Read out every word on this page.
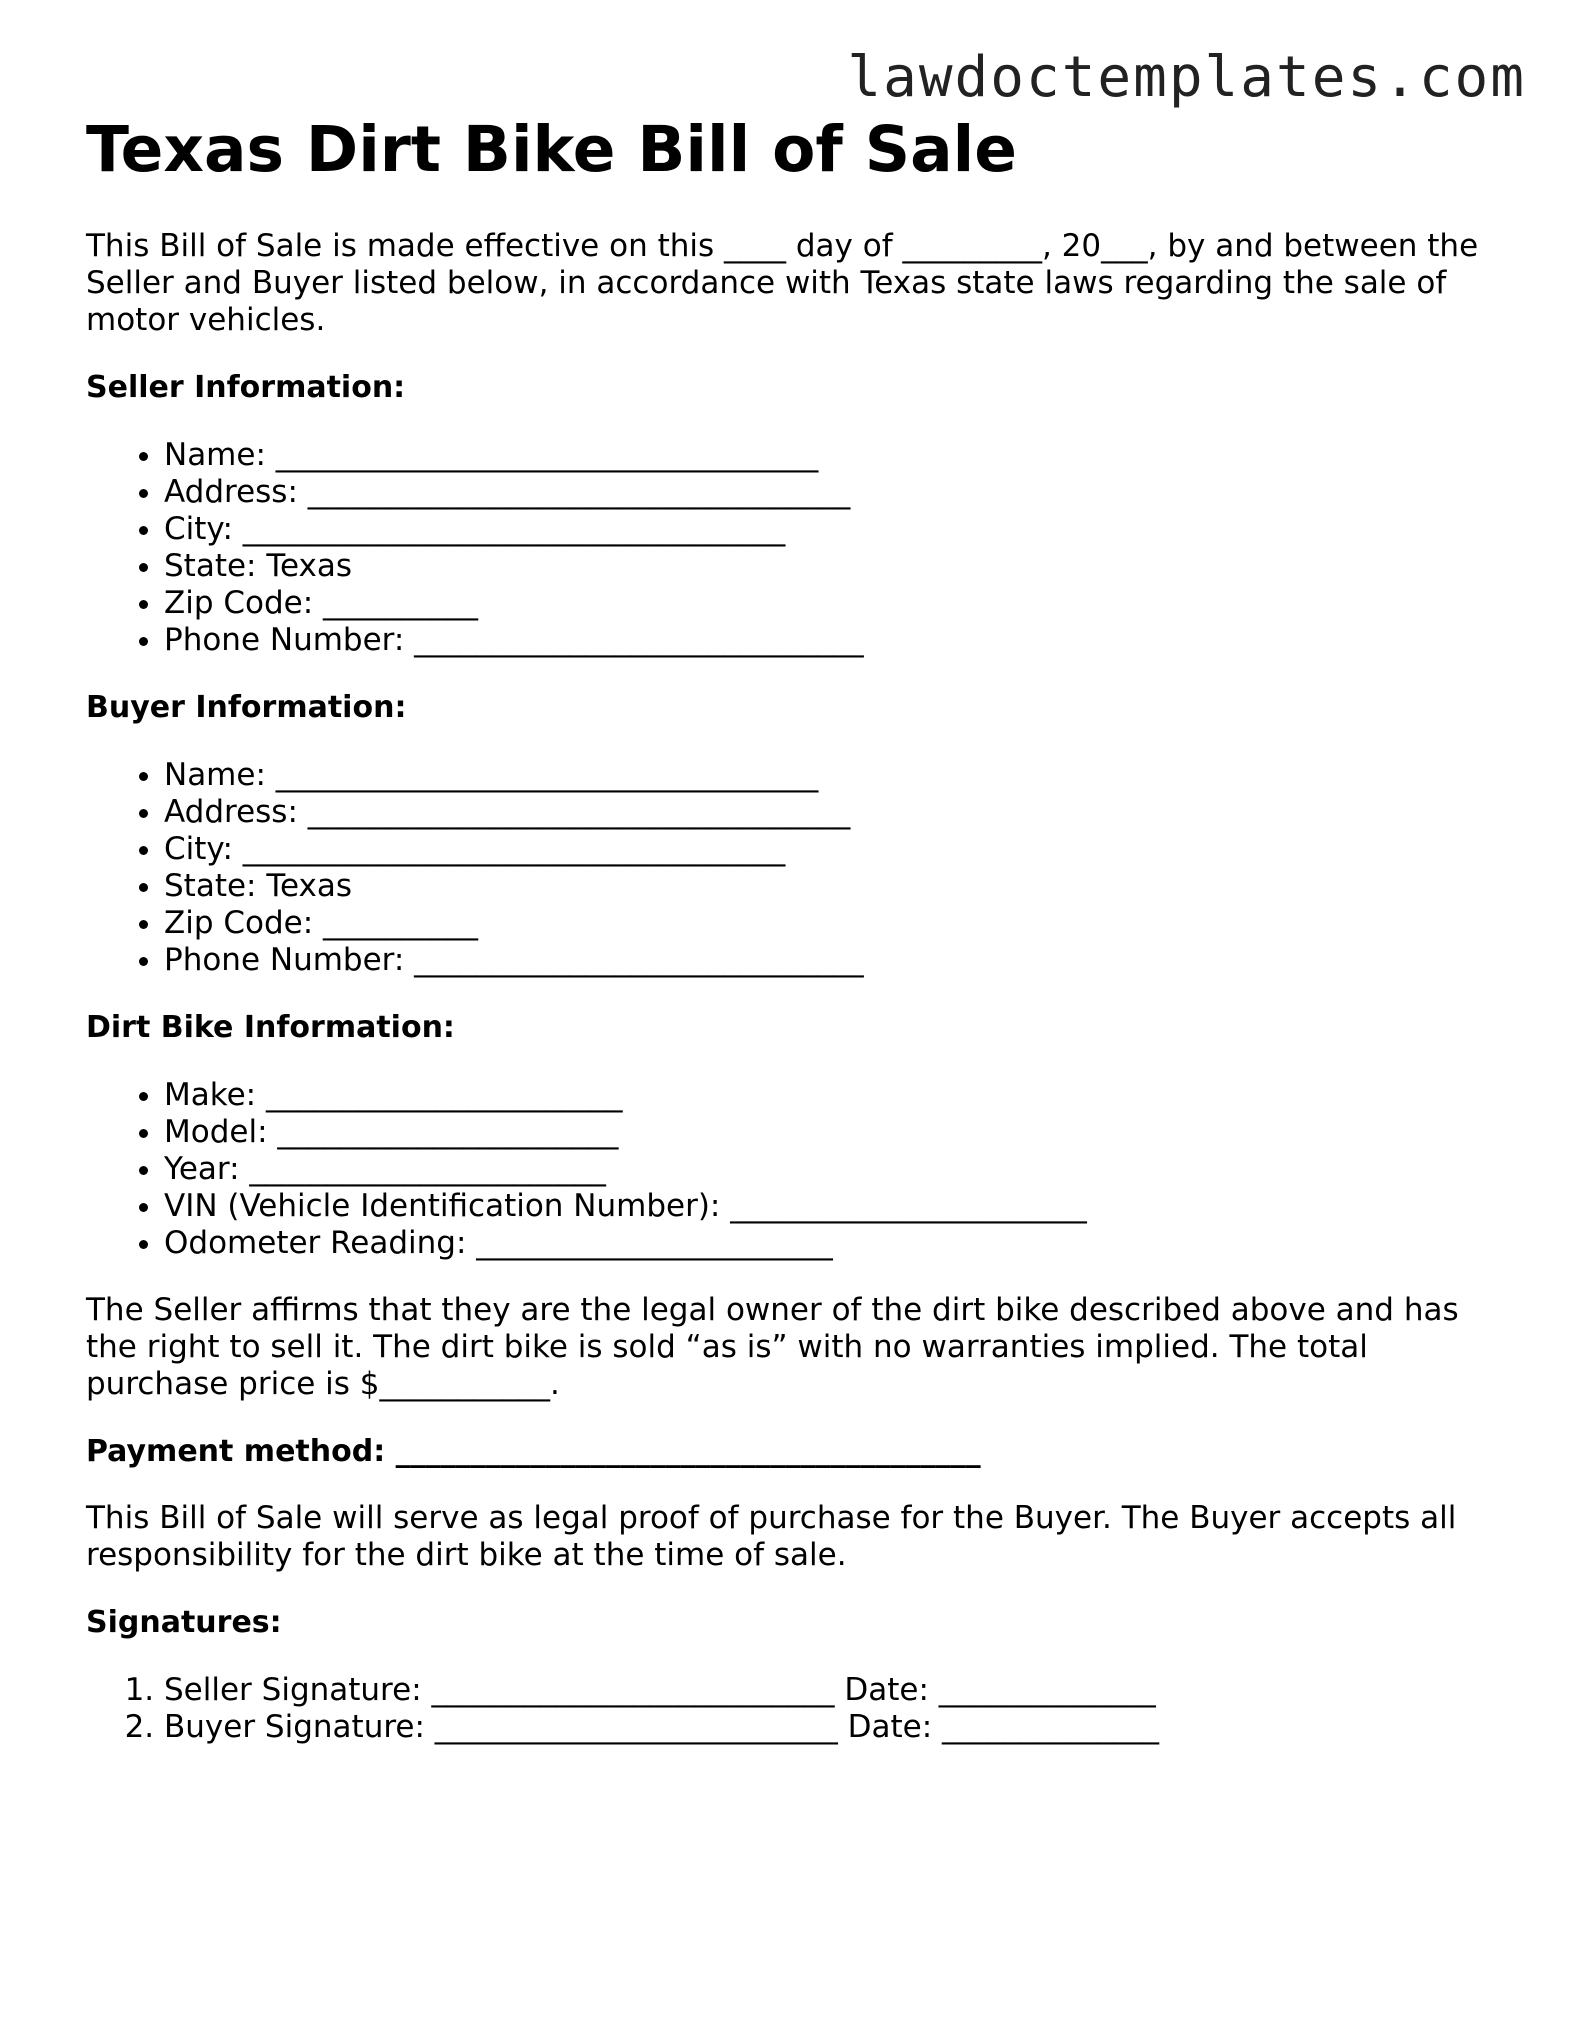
lawdoctemplates.com
Texas Dirt Bike Bill of Sale

This Bill of Sale is made effective on this ____ day of _________, 20___, by and between the Seller and Buyer listed below, in accordance with Texas state laws regarding the sale of motor vehicles.

Seller Information:
• Name: ___________________________________
• Address: ___________________________________
• City: ___________________________________
• State: Texas
• Zip Code: __________
• Phone Number: _____________________________
Buyer Information:
• Name: ___________________________________
• Address: ___________________________________
• City: ___________________________________
• State: Texas
• Zip Code: __________
• Phone Number: _____________________________
Dirt Bike Information:
• Make: _______________________
• Model: ______________________
• Year: _______________________
• VIN (Vehicle Identification Number): _______________________
• Odometer Reading: _______________________

The Seller affirms that they are the legal owner of the dirt bike described above and has the right to sell it. The dirt bike is sold “as is” with no warranties implied. The total purchase price is $___________.

Payment method: _______________________________________

This Bill of Sale will serve as legal proof of purchase for the Buyer. The Buyer accepts all responsibility for the dirt bike at the time of sale.

Signatures:
1. Seller Signature: __________________________ Date: ______________
2. Buyer Signature: __________________________ Date: ______________
